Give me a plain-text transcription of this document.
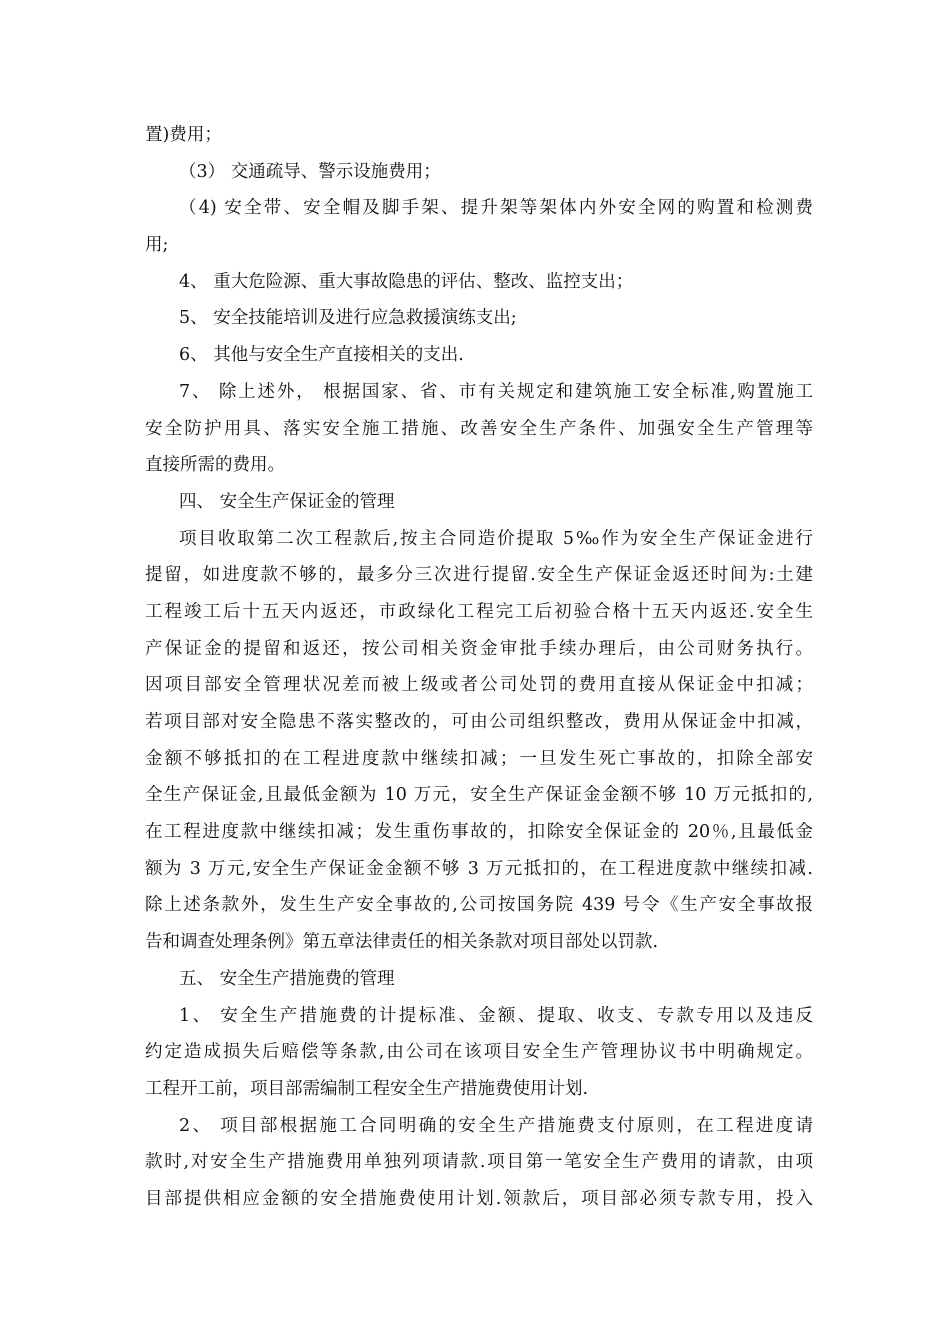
置)费用；
（3） 交通疏导、警示设施费用；
（4) 安全带、安全帽及脚手架、提升架等架体内外安全网的购置和检测费
用;
4、 重大危险源、重大事故隐患的评估、整改、监控支出；
5、 安全技能培训及进行应急救援演练支出;
6、 其他与安全生产直接相关的支出.
7、 除上述外， 根据国家、省、市有关规定和建筑施工安全标准,购置施工
安全防护用具、落实安全施工措施、改善安全生产条件、加强安全生产管理等
直接所需的费用。
四、 安全生产保证金的管理
项目收取第二次工程款后,按主合同造价提取 5‰作为安全生产保证金进行
提留，如进度款不够的，最多分三次进行提留.安全生产保证金返还时间为:土建
工程竣工后十五天内返还，市政绿化工程完工后初验合格十五天内返还.安全生
产保证金的提留和返还，按公司相关资金审批手续办理后，由公司财务执行。
因项目部安全管理状况差而被上级或者公司处罚的费用直接从保证金中扣减；
若项目部对安全隐患不落实整改的，可由公司组织整改，费用从保证金中扣减，
金额不够抵扣的在工程进度款中继续扣减；一旦发生死亡事故的，扣除全部安
全生产保证金,且最低金额为 10 万元，安全生产保证金金额不够 10 万元抵扣的,
在工程进度款中继续扣减；发生重伤事故的，扣除安全保证金的 20％,且最低金
额为 3 万元,安全生产保证金金额不够 3 万元抵扣的，在工程进度款中继续扣减.
除上述条款外，发生生产安全事故的,公司按国务院 439 号令《生产安全事故报
告和调查处理条例》第五章法律责任的相关条款对项目部处以罚款.
五、 安全生产措施费的管理
1、 安全生产措施费的计提标准、金额、提取、收支、专款专用以及违反
约定造成损失后赔偿等条款,由公司在该项目安全生产管理协议书中明确规定。
工程开工前，项目部需编制工程安全生产措施费使用计划.
2、 项目部根据施工合同明确的安全生产措施费支付原则，在工程进度请
款时,对安全生产措施费用单独列项请款.项目第一笔安全生产费用的请款，由项
目部提供相应金额的安全措施费使用计划.领款后，项目部必须专款专用，投入
